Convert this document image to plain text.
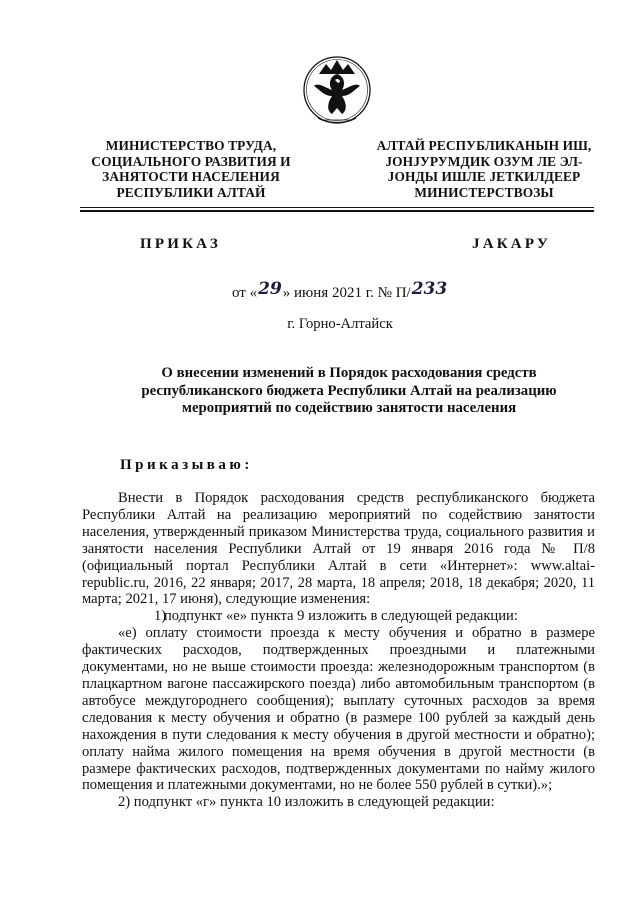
МИНИСТЕРСТВО ТРУДА,
СОЦИАЛЬНОГО РАЗВИТИЯ И
ЗАНЯТОСТИ НАСЕЛЕНИЯ
РЕСПУБЛИКИ АЛТАЙ
АЛТАЙ РЕСПУБЛИКАНЫН ИШ,
ЈОНЈУРУМДИК ОЗУМ ЛЕ ЭЛ-
ЈОНДЫ ИШЛЕ ЈЕТКИЛДЕЕР
МИНИСТЕРСТВОЗЫ
ПРИКАЗ	ЈАКАРУ
от «29» июня 2021 г. № П/233
г. Горно-Алтайск
О внесении изменений в Порядок расходования средств
республиканского бюджета Республики Алтай на реализацию
мероприятий по содействию занятости населения
Приказываю:

Внести в Порядок расходования средств республиканского бюджета Республики Алтай на реализацию мероприятий по содействию занятости населения, утвержденный приказом Министерства труда, социального развития и занятости населения Республики Алтай от 19 января 2016 года № П/8 (официальный портал Республики Алтай в сети «Интернет»: www.altai-republic.ru, 2016, 22 января; 2017, 28 марта, 18 апреля; 2018, 18 декабря; 2020, 11 марта; 2021, 17 июня), следующие изменения:

1)подпункт «е» пункта 9 изложить в следующей редакции:

«е) оплату стоимости проезда к месту обучения и обратно в размере фактических расходов, подтвержденных проездными и платежными документами, но не выше стоимости проезда: железнодорожным транспортом (в плацкартном вагоне пассажирского поезда) либо автомобильным транспортом (в автобусе междугороднего сообщения); выплату суточных расходов за время следования к месту обучения и обратно (в размере 100 рублей за каждый день нахождения в пути следования к месту обучения в другой местности и обратно); оплату найма жилого помещения на время обучения в другой местности (в размере фактических расходов, подтвержденных документами по найму жилого помещения и платежными документами, но не более 550 рублей в сутки).»;

2) подпункт «г» пункта 10 изложить в следующей редакции:
